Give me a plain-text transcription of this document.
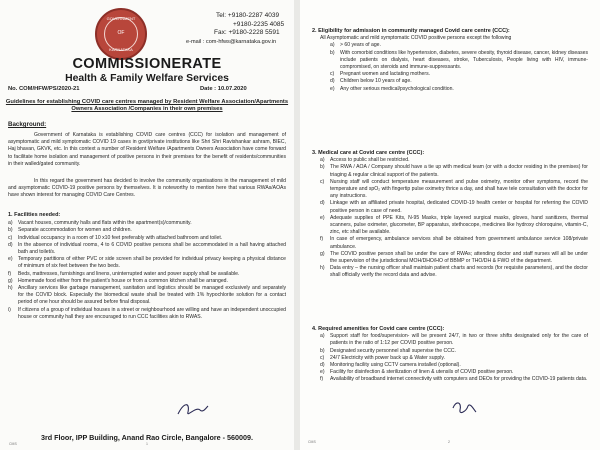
GOVERNMENT
OF
KARNATAKA
Tel: +9180-2287 4039
+9180-2235 4085
Fax: +9180-2228 5591
e-mail : com-hfws@karnataka.gov.in
COMMISSIONERATE
Health & Family Welfare Services
No. COM/HFW/PS/2020-21	Date : 10.07.2020
Guidelines for establishing COVID care centres managed by Resident Welfare Association/Apartments Owners Association /Companies in their own premises
Background:
Government of Karnataka is establishing COVID care centres (CCC) for isolation and management of asymptomatic and mild symptomatic COVID 19 cases in govt/private institutions like Shri Shri Ravishankar ashram, BIEC, Haj bhavan, GKVK, etc. In this context a number of Resident Welfare /Apartments Owners Association have come forward to facilitate home isolation and management of positive persons in their premises for the benefit of residents/communities in their walled/gated community.
In this regard the government has decided to involve the community organisations in the management of mild and asymptomatic COVID-19 positive persons by themselves. It is noteworthy to mention here that various RWAs/AOAs have shown interest for managing COVID Care Centres.
1. Facilities needed:
a) Vacant houses, community halls and flats within the apartment(s)/community.
b) Separate accommodation for women and children.
c) Individual occupancy in a room of 10 x10 feet preferably with attached bathroom and toilet.
d) In the absence of individual rooms, 4 to 6 COVID positive persons shall be accommodated in a hall having attached bath and toilet/s.
e) Temporary partitions of either PVC or side screen shall be provided for individual privacy keeping a physical distance of minimum of six feet between the two beds.
f) Beds, mattresses, furnishings and linens, uninterrupted water and power supply shall be available.
g) Homemade food either from the patient's house or from a common kitchen shall be arranged.
h) Ancillary services like garbage management, sanitation and logistics should be managed exclusively and separately for the COVID block. Especially the biomedical waste shall be treated with 1% hypochlorite solution for a contact period of one hour should be assured before final disposal.
i) If citizens of a group of individual houses in a street or neighbourhood are willing and have an independent unoccupied house or community hall they are encouraged to run CCC facilities akin to RWAS.
3rd Floor, IPP Building, Anand Rao Circle, Bangalore - 560009.
CMS	1
2. Eligibility for admission in community managed Covid care centre (CCC):
All Asymptomatic and mild symptomatic COVID positive persons except the following
a) > 60 years of age.
b) With comorbid conditions like hypertension, diabetes, severe obesity, thyroid disease, cancer, kidney diseases include patients on dialysis, heart diseases, stroke, Tuberculosis, People living with HIV, immune-compromised, on steroids and immune-suppressants.
c) Pregnant women and lactating mothers.
d) Children below 10 years of age.
e) Any other serious medical/psychological condition.
3. Medical care at Covid care centre (CCC):
a) Access to public shall be restricted.
b) The RWA / AOA / Company should have a tie up with medical team (or with a doctor residing in the premises) for triaging & regular clinical support of the patients.
c) Nursing staff will conduct temperature measurement and pulse oximetry, monitor other symptoms, record the temperature and spO₂ with fingertip pulse oximetry thrice a day, and shall have tele consultation with the doctor for any instructions.
d) Linkage with an affiliated private hospital, dedicated COVID-19 health center or hospital for referring the COVID positive person in case of need.
e) Adequate supplies of PPE Kits, N-95 Masks, triple layered surgical masks, gloves, hand sanitizers, thermal scanners, pulse oximeter, glucometer, BP apparatus, stethoscope, medicines like hydroxy chloroquine, vitamin-C, zinc, etc shall be available.
f) In case of emergency, ambulance services shall be obtained from government ambulance service 108/private ambulance.
g) The COVID positive person shall be under the care of RWAs; attending doctor and staff nurses will all be under the supervision of the jurisdictional MOH/DHO/HO of BBMP or THO/DH & FWO of the department.
h) Data entry – the nursing officer shall maintain patient charts and records (for requisite parameters), and the doctor shall officially verify the record data and advise.
4. Required amenities for Covid care centre (CCC):
a) Support staff for food/supervision- will be present 24/7, in two or three shifts designated only for the care of patients in the ratio of 1:12 per COVID positive person.
b) Designated security personnel shall supervise the CCC.
c) 24/7 Electricity with power back up & Water supply.
d) Monitoring facility using CCTV camera installed (optional).
e) Facility for disinfection & sterilization of linen & utensils of COVID positive person.
f) Availability of broadband internet connectivity with computers and DEOs for providing the COVID-19 patients data.
CMS	2
